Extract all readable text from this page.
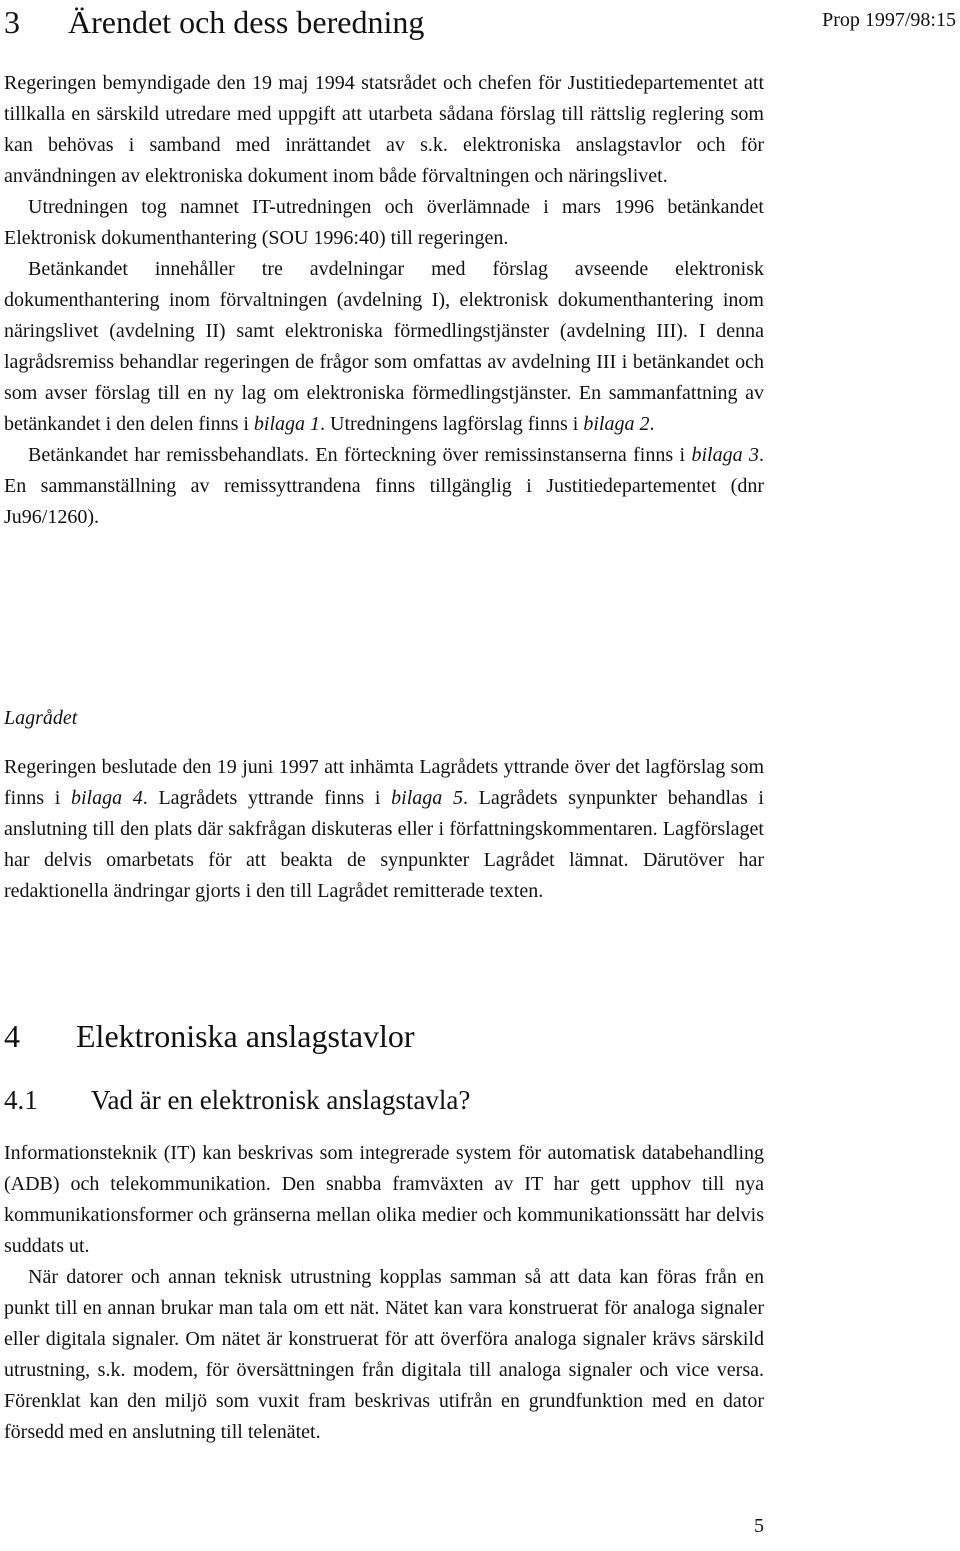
3 Ärendet och dess beredning	Prop 1997/98:15

Regeringen bemyndigade den 19 maj 1994 statsrådet och chefen för Justitiedepartementet att tillkalla en särskild utredare med uppgift att utarbeta sådana förslag till rättslig reglering som kan behövas i samband med inrättandet av s.k. elektroniska anslagstavlor och för användningen av elektroniska dokument inom både förvaltningen och näringslivet.

Utredningen tog namnet IT-utredningen och överlämnade i mars 1996 betänkandet Elektronisk dokumenthantering (SOU 1996:40) till regeringen.

Betänkandet innehåller tre avdelningar med förslag avseende elektronisk dokumenthantering inom förvaltningen (avdelning I), elektronisk dokumenthantering inom näringslivet (avdelning II) samt elektroniska förmedlingstjänster (avdelning III). I denna lagrådsremiss behandlar regeringen de frågor som omfattas av avdelning III i betänkandet och som avser förslag till en ny lag om elektroniska förmedlingstjänster. En sammanfattning av betänkandet i den delen finns i bilaga 1. Utredningens lagförslag finns i bilaga 2.

Betänkandet har remissbehandlats. En förteckning över remissinstanserna finns i bilaga 3. En sammanställning av remissyttrandena finns tillgänglig i Justitiedepartementet (dnr Ju96/1260).

Lagrådet

Regeringen beslutade den 19 juni 1997 att inhämta Lagrådets yttrande över det lagförslag som finns i bilaga 4. Lagrådets yttrande finns i bilaga 5. Lagrådets synpunkter behandlas i anslutning till den plats där sakfrågan diskuteras eller i författningskommentaren. Lagförslaget har delvis omarbetats för att beakta de synpunkter Lagrådet lämnat. Därutöver har redaktionella ändringar gjorts i den till Lagrådet remitterade texten.

4 Elektroniska anslagstavlor
4.1 Vad är en elektronisk anslagstavla?

Informationsteknik (IT) kan beskrivas som integrerade system för automatisk databehandling (ADB) och telekommunikation. Den snabba framväxten av IT har gett upphov till nya kommunikationsformer och gränserna mellan olika medier och kommunikationssätt har delvis suddats ut.

När datorer och annan teknisk utrustning kopplas samman så att data kan föras från en punkt till en annan brukar man tala om ett nät. Nätet kan vara konstruerat för analoga signaler eller digitala signaler. Om nätet är konstruerat för att överföra analoga signaler krävs särskild utrustning, s.k. modem, för översättningen från digitala till analoga signaler och vice versa. Förenklat kan den miljö som vuxit fram beskrivas utifrån en grundfunktion med en dator försedd med en anslutning till telenätet.

5
